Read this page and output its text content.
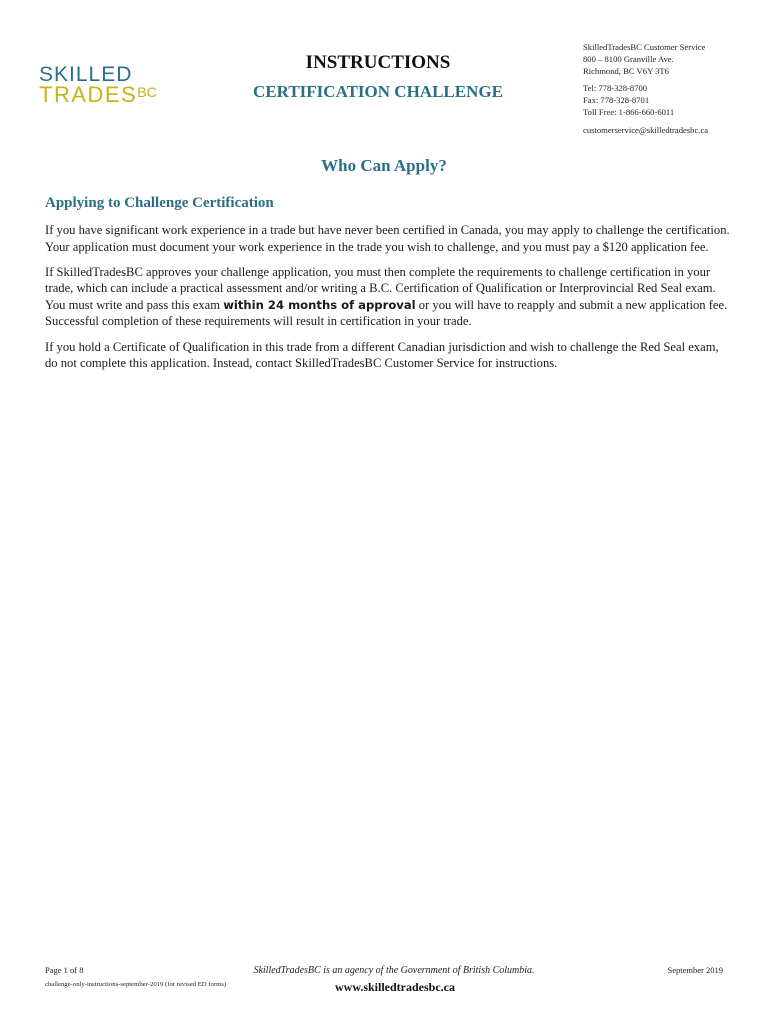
SKILLED
$TRADES^{BC}$
INSTRUCTIONS
CERTIFICATION CHALLENGE
SkilledTradesBC Customer Service
800 – 8100 Granville Ave.
Richmond, BC V6Y 3T6
Tel: 778-328-8700
Fax: 778-328-8701
Toll Free: 1-866-660-6011
customerservice@skilledtradesbc.ca
Who Can Apply?
Applying to Challenge Certification

If you have significant work experience in a trade but have never been certified in Canada, you may apply to challenge the certification. Your application must document your work experience in the trade you wish to challenge, and you must pay a $120 application fee.

If SkilledTradesBC approves your challenge application, you must then complete the requirements to challenge certification in your trade, which can include a practical assessment and/or writing a B.C. Certification of Qualification or Interprovincial Red Seal exam. You must write and pass this exam within 24 months of approval or you will have to reapply and submit a new application fee. Successful completion of these requirements will result in certification in your trade.

If you hold a Certificate of Qualification in this trade from a different Canadian jurisdiction and wish to challenge the Red Seal exam, do not complete this application. Instead, contact SkilledTradesBC Customer Service for instructions.

Page 1 of 8
challenge-only-instructions-september-2019 (for revised ED forms)
SkilledTradesBC is an agency of the Government of British Columbia.
www.skilledtradesbc.ca
September 2019
